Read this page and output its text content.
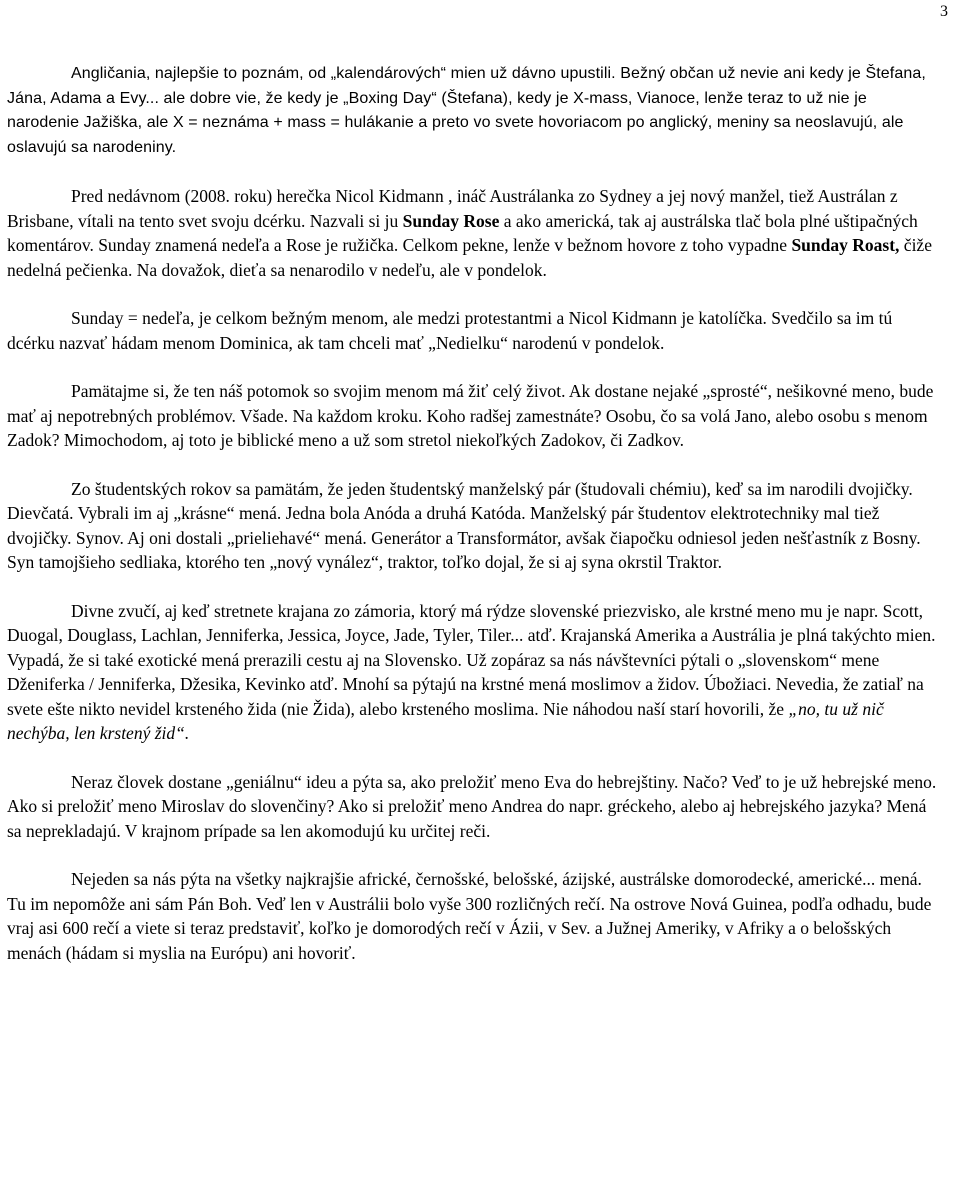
3

Angličania, najlepšie to poznám, od „kalendárových“ mien už dávno upustili. Bežný občan už nevie ani kedy je Štefana, Jána, Adama a Evy... ale dobre vie, že kedy je „Boxing Day“ (Štefana), kedy je X-mass, Vianoce, lenže teraz to už nie je narodenie Jažiška, ale X = neznáma + mass = hulákanie a preto vo svete hovoriacom po anglický, meniny sa neoslavujú, ale oslavujú sa narodeniny.

Pred nedávnom (2008. roku) herečka Nicol Kidmann , ináč Austrálanka zo Sydney a jej nový manžel, tiež Austrálan z Brisbane, vítali na tento svet svoju dcérku. Nazvali si ju Sunday Rose a ako americká, tak aj austrálska tlač bola plné uštipačných komentárov. Sunday znamená nedeľa a Rose je ružička. Celkom pekne, lenže v bežnom hovore z toho vypadne Sunday Roast, čiže nedelná pečienka. Na dovažok, dieťa sa nenarodilo v nedeľu, ale v pondelok.

Sunday = nedeľa, je celkom bežným menom, ale medzi protestantmi a Nicol Kidmann je katolíčka. Svedčilo sa im tú dcérku nazvať hádam menom Dominica, ak tam chceli mať „Nedielku“ narodenú v pondelok.

Pamätajme si, že ten náš potomok so svojim menom má žiť celý život. Ak dostane nejaké „sprosté“, nešikovné meno, bude mať aj nepotrebných problémov. Všade. Na každom kroku. Koho radšej zamestnáte? Osobu, čo sa volá Jano, alebo osobu s menom Zadok? Mimochodom, aj toto je biblické meno a už som stretol niekoľkých Zadokov, či Zadkov.

Zo študentských rokov sa pamätám, že jeden študentský manželský pár (študovali chémiu), keď sa im narodili dvojičky. Dievčatá. Vybrali im aj „krásne“ mená. Jedna bola Anóda a druhá Katóda. Manželský pár študentov elektrotechniky mal tiež dvojičky. Synov. Aj oni dostali „prieliehavé“ mená. Generátor a Transformátor, avšak čiapočku odniesol jeden nešťastník z Bosny. Syn tamojšieho sedliaka, ktorého ten „nový vynález“, traktor, toľko dojal, že si aj syna okrstil Traktor.

Divne zvučí, aj keď stretnete krajana zo zámoria, ktorý má rýdze slovenské priezvisko, ale krstné meno mu je napr. Scott, Duogal, Douglass, Lachlan, Jenniferka, Jessica, Joyce, Jade, Tyler, Tiler... atď. Krajanská Amerika a Austrália je plná takýchto mien. Vypadá, že si také exotické mená prerazili cestu aj na Slovensko. Už zopáraz sa nás návštevníci pýtali o „slovenskom“ mene Dženiferka / Jenniferka, Džesika, Kevinko atď. Mnohí sa pýtajú na krstné mená moslimov a židov. Úbožiaci. Nevedia, že zatiaľ na svete ešte nikto nevidel krsteného žida (nie Žida), alebo krsteného moslima. Nie náhodou naší starí hovorili, že „no, tu už nič nechýba, len krstený žid“.

Neraz človek dostane „geniálnu“ ideu a pýta sa, ako preložiť meno Eva do hebrejštiny. Načo? Veď to je už hebrejské meno. Ako si preložiť meno Miroslav do slovenčiny? Ako si preložiť meno Andrea do napr. gréckeho, alebo aj hebrejského jazyka? Mená sa neprekladajú. V krajnom prípade sa len akomodujú ku určitej reči.

Nejeden sa nás pýta na všetky najkrajšie africké, černošské, belošské, ázijské, austrálske domorodecké, americké... mená. Tu im nepomôže ani sám Pán Boh. Veď len v Austrálii bolo vyše 300 rozličných rečí. Na ostrove Nová Guinea, podľa odhadu, bude vraj asi 600 rečí a viete si teraz predstaviť, koľko je domorodých rečí v Ázii, v Sev. a Južnej Ameriky, v Afriky a o belošských menách (hádam si myslia na Európu) ani hovoriť.
